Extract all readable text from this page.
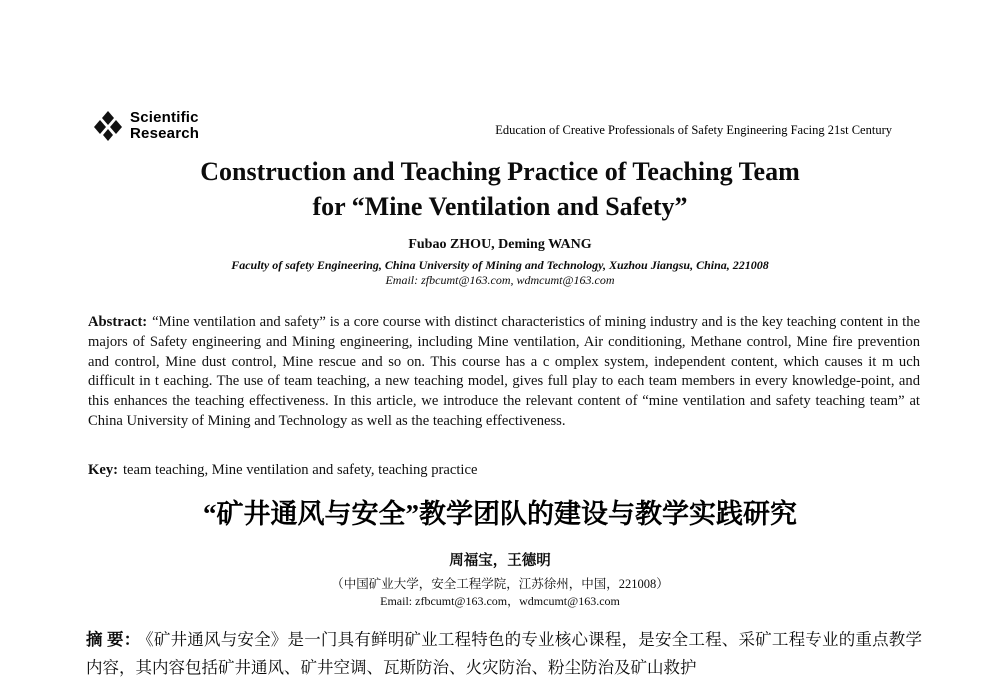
Scientific
Research	Education of Creative Professionals of Safety Engineering Facing 21st Century
Construction and Teaching Practice of Teaching Team
for “Mine Ventilation and Safety”
Fubao ZHOU, Deming WANG
Faculty of safety Engineering, China University of Mining and Technology, Xuzhou Jiangsu, China, 221008
Email: zfbcumt@163.com, wdmcumt@163.com
Abstract: “Mine ventilation and safety” is a core course with distinct characteristics of mining industry and is the key teaching content in the majors of Safety engineering and Mining engineering, including Mine ventilation, Air conditioning, Methane control, Mine fire prevention and control, Mine dust control, Mine rescue and so on. This course has a c omplex system, independent content, which causes it m uch difficult in t eaching. The use of team teaching, a new teaching model, gives full play to each team members in every knowledge-point, and this enhances the teaching effectiveness. In this article, we introduce the relevant content of “mine ventilation and safety teaching team” at China University of Mining and Technology as well as the teaching effectiveness.
Key: team teaching, Mine ventilation and safety, teaching practice
“矿井通风与安全”教学团队的建设与教学实践研究
周福宝，王德明
（中国矿业大学，安全工程学院，江苏徐州，中国，221008）
Email: zfbcumt@163.com，wdmcumt@163.com
摘 要： 《矿井通风与安全》是一门具有鲜明矿业工程特色的专业核心课程，是安全工程、采矿工程专业的重点教学内容，其内容包括矿井通风、矿井空调、瓦斯防治、火灾防治、粉尘防治及矿山救护
